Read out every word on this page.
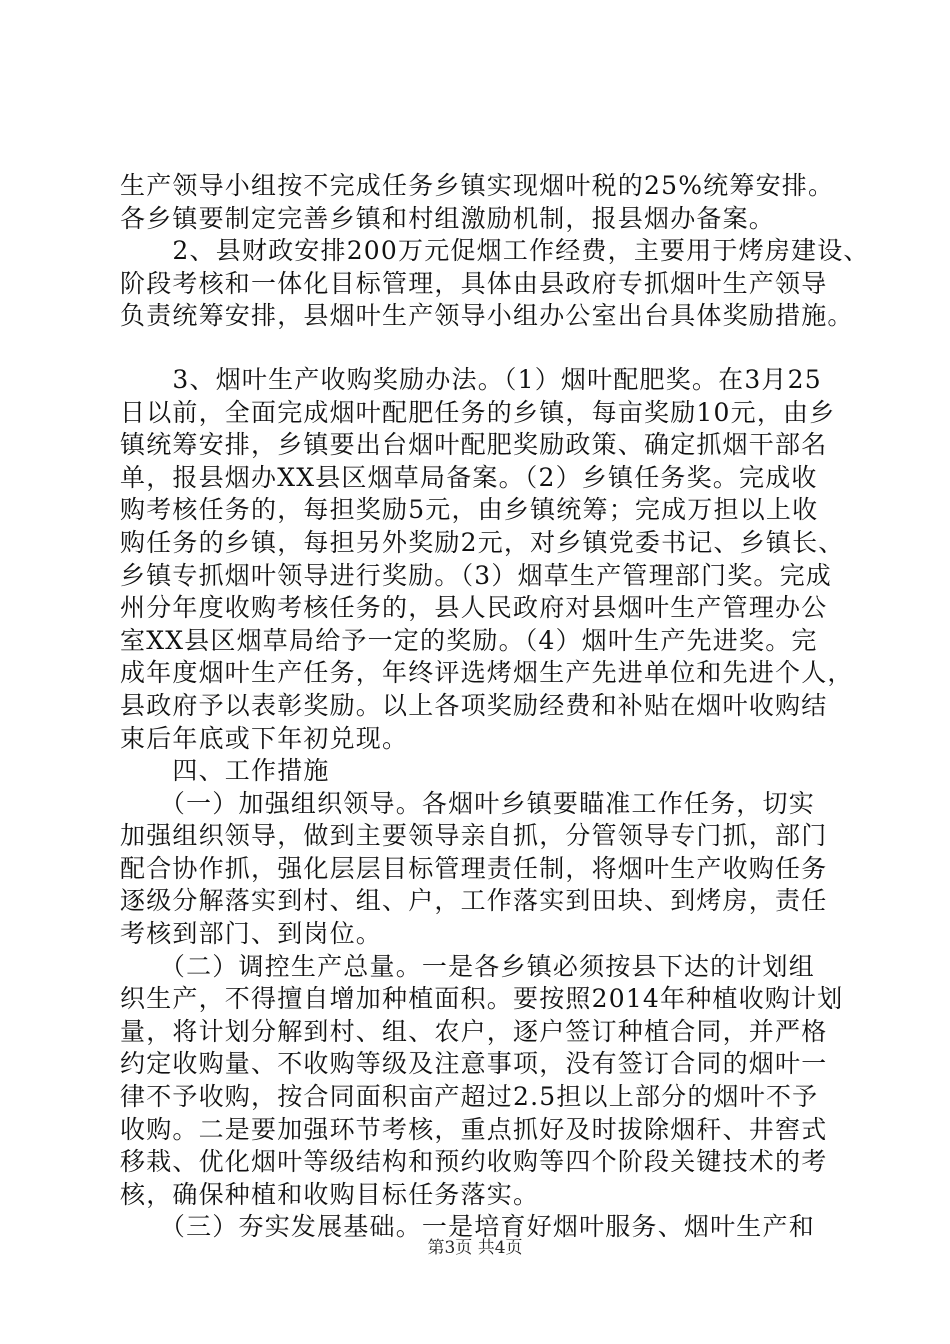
生产领导小组按不完成任务乡镇实现烟叶税的25%统筹安排。
各乡镇要制定完善乡镇和村组激励机制，报县烟办备案。
　　2、县财政安排200万元促烟工作经费，主要用于烤房建设、
阶段考核和一体化目标管理，具体由县政府专抓烟叶生产领导
负责统筹安排，县烟叶生产领导小组办公室出台具体奖励措施。
　　3、烟叶生产收购奖励办法。（1）烟叶配肥奖。在3月25
日以前，全面完成烟叶配肥任务的乡镇，每亩奖励10元，由乡
镇统筹安排，乡镇要出台烟叶配肥奖励政策、确定抓烟干部名
单，报县烟办XX县区烟草局备案。（2）乡镇任务奖。完成收
购考核任务的，每担奖励5元，由乡镇统筹；完成万担以上收
购任务的乡镇，每担另外奖励2元，对乡镇党委书记、乡镇长、
乡镇专抓烟叶领导进行奖励。（3）烟草生产管理部门奖。完成
州分年度收购考核任务的，县人民政府对县烟叶生产管理办公
室XX县区烟草局给予一定的奖励。（4）烟叶生产先进奖。完
成年度烟叶生产任务，年终评选烤烟生产先进单位和先进个人，
县政府予以表彰奖励。以上各项奖励经费和补贴在烟叶收购结
束后年底或下年初兑现。
　　四、工作措施
　　（一）加强组织领导。各烟叶乡镇要瞄准工作任务，切实
加强组织领导，做到主要领导亲自抓，分管领导专门抓，部门
配合协作抓，强化层层目标管理责任制，将烟叶生产收购任务
逐级分解落实到村、组、户，工作落实到田块、到烤房，责任
考核到部门、到岗位。
　　（二）调控生产总量。一是各乡镇必须按县下达的计划组
织生产，不得擅自增加种植面积。要按照2014年种植收购计划
量，将计划分解到村、组、农户，逐户签订种植合同，并严格
约定收购量、不收购等级及注意事项，没有签订合同的烟叶一
律不予收购，按合同面积亩产超过2.5担以上部分的烟叶不予
收购。二是要加强环节考核，重点抓好及时拔除烟秆、井窖式
移栽、优化烟叶等级结构和预约收购等四个阶段关键技术的考
核，确保种植和收购目标任务落实。
　　（三）夯实发展基础。一是培育好烟叶服务、烟叶生产和
第3页 共4页
